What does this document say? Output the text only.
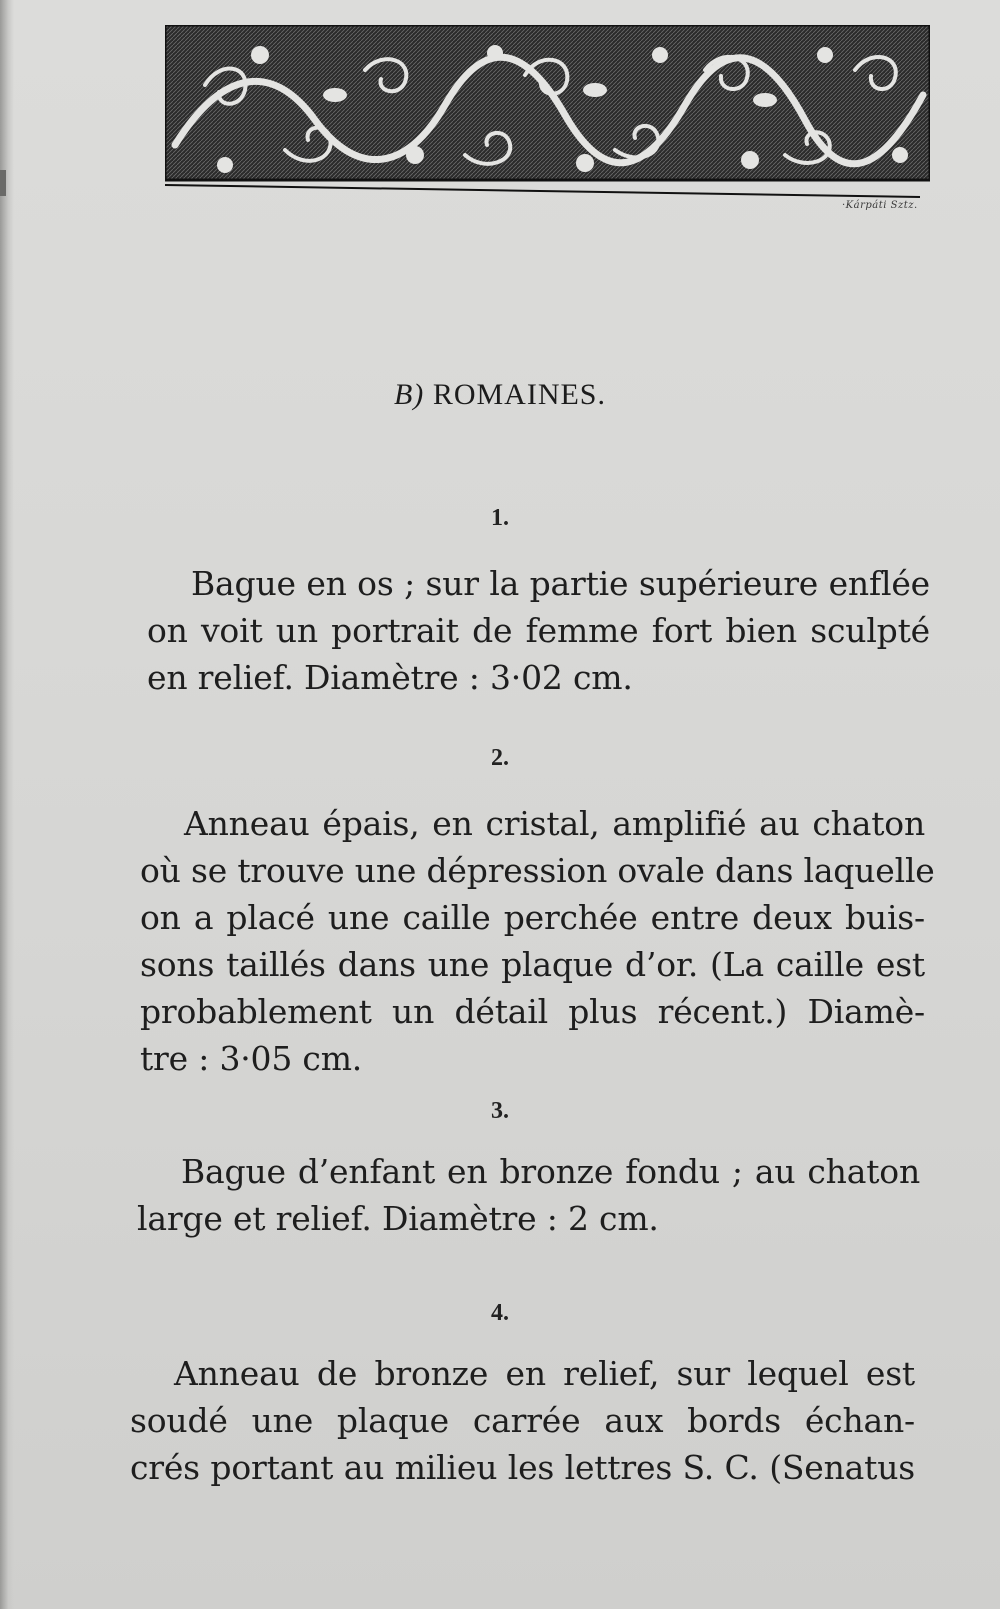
·Kárpáti Sztz.

B) ROMAINES.
1.
Bague en os ; sur la partie supérieure enflée
on voit un portrait de femme fort bien sculpté
en relief. Diamètre : 3·02 cm.
2.
Anneau épais, en cristal, amplifié au chaton
où se trouve une dépression ovale dans laquelle
on a placé une caille perchée entre deux buis-
sons taillés dans une plaque d’or. (La caille est
probablement un détail plus récent.) Diamè-
tre : 3·05 cm.
3.
Bague d’enfant en bronze fondu ; au chaton
large et relief. Diamètre : 2 cm.
4.
Anneau de bronze en relief, sur lequel est
soudé une plaque carrée aux bords échan-
crés portant au milieu les lettres S. C. (Senatus
